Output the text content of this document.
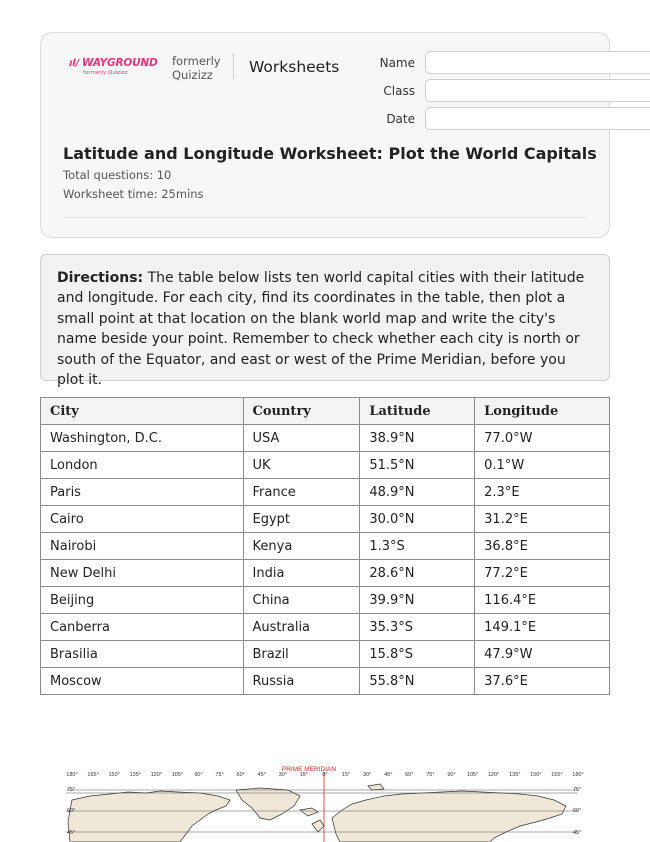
ıl/ WAYGROUND
formerly Quizizz
formerly
Quizizz	Worksheets	Name
Class
Date
Latitude and Longitude Worksheet: Plot the World Capitals
Total questions: 10
Worksheet time: 25mins
Directions: The table below lists ten world capital cities with their latitude and longitude. For each city, find its coordinates in the table, then plot a small point at that location on the blank world map and write the city's name beside your point. Remember to check whether each city is north or south of the Equator, and east or west of the Prime Meridian, before you plot it.
City	Country	Latitude	Longitude
Washington, D.C.	USA	38.9°N	77.0°W
London	UK	51.5°N	0.1°W
Paris	France	48.9°N	2.3°E
Cairo	Egypt	30.0°N	31.2°E
Nairobi	Kenya	1.3°S	36.8°E
New Delhi	India	28.6°N	77.2°E
Beijing	China	39.9°N	116.4°E
Canberra	Australia	35.3°S	149.1°E
Brasilia	Brazil	15.8°S	47.9°W
Moscow	Russia	55.8°N	37.6°E
PRIME MERIDIAN
180° 165° 150° 135° 120° 105° 90° 75° 60° 45° 30° 15°	0°	15° 30° 45° 60° 75° 90° 105° 120° 135° 150° 165° 180°
75°
60°
45°
75°
60°
45°
